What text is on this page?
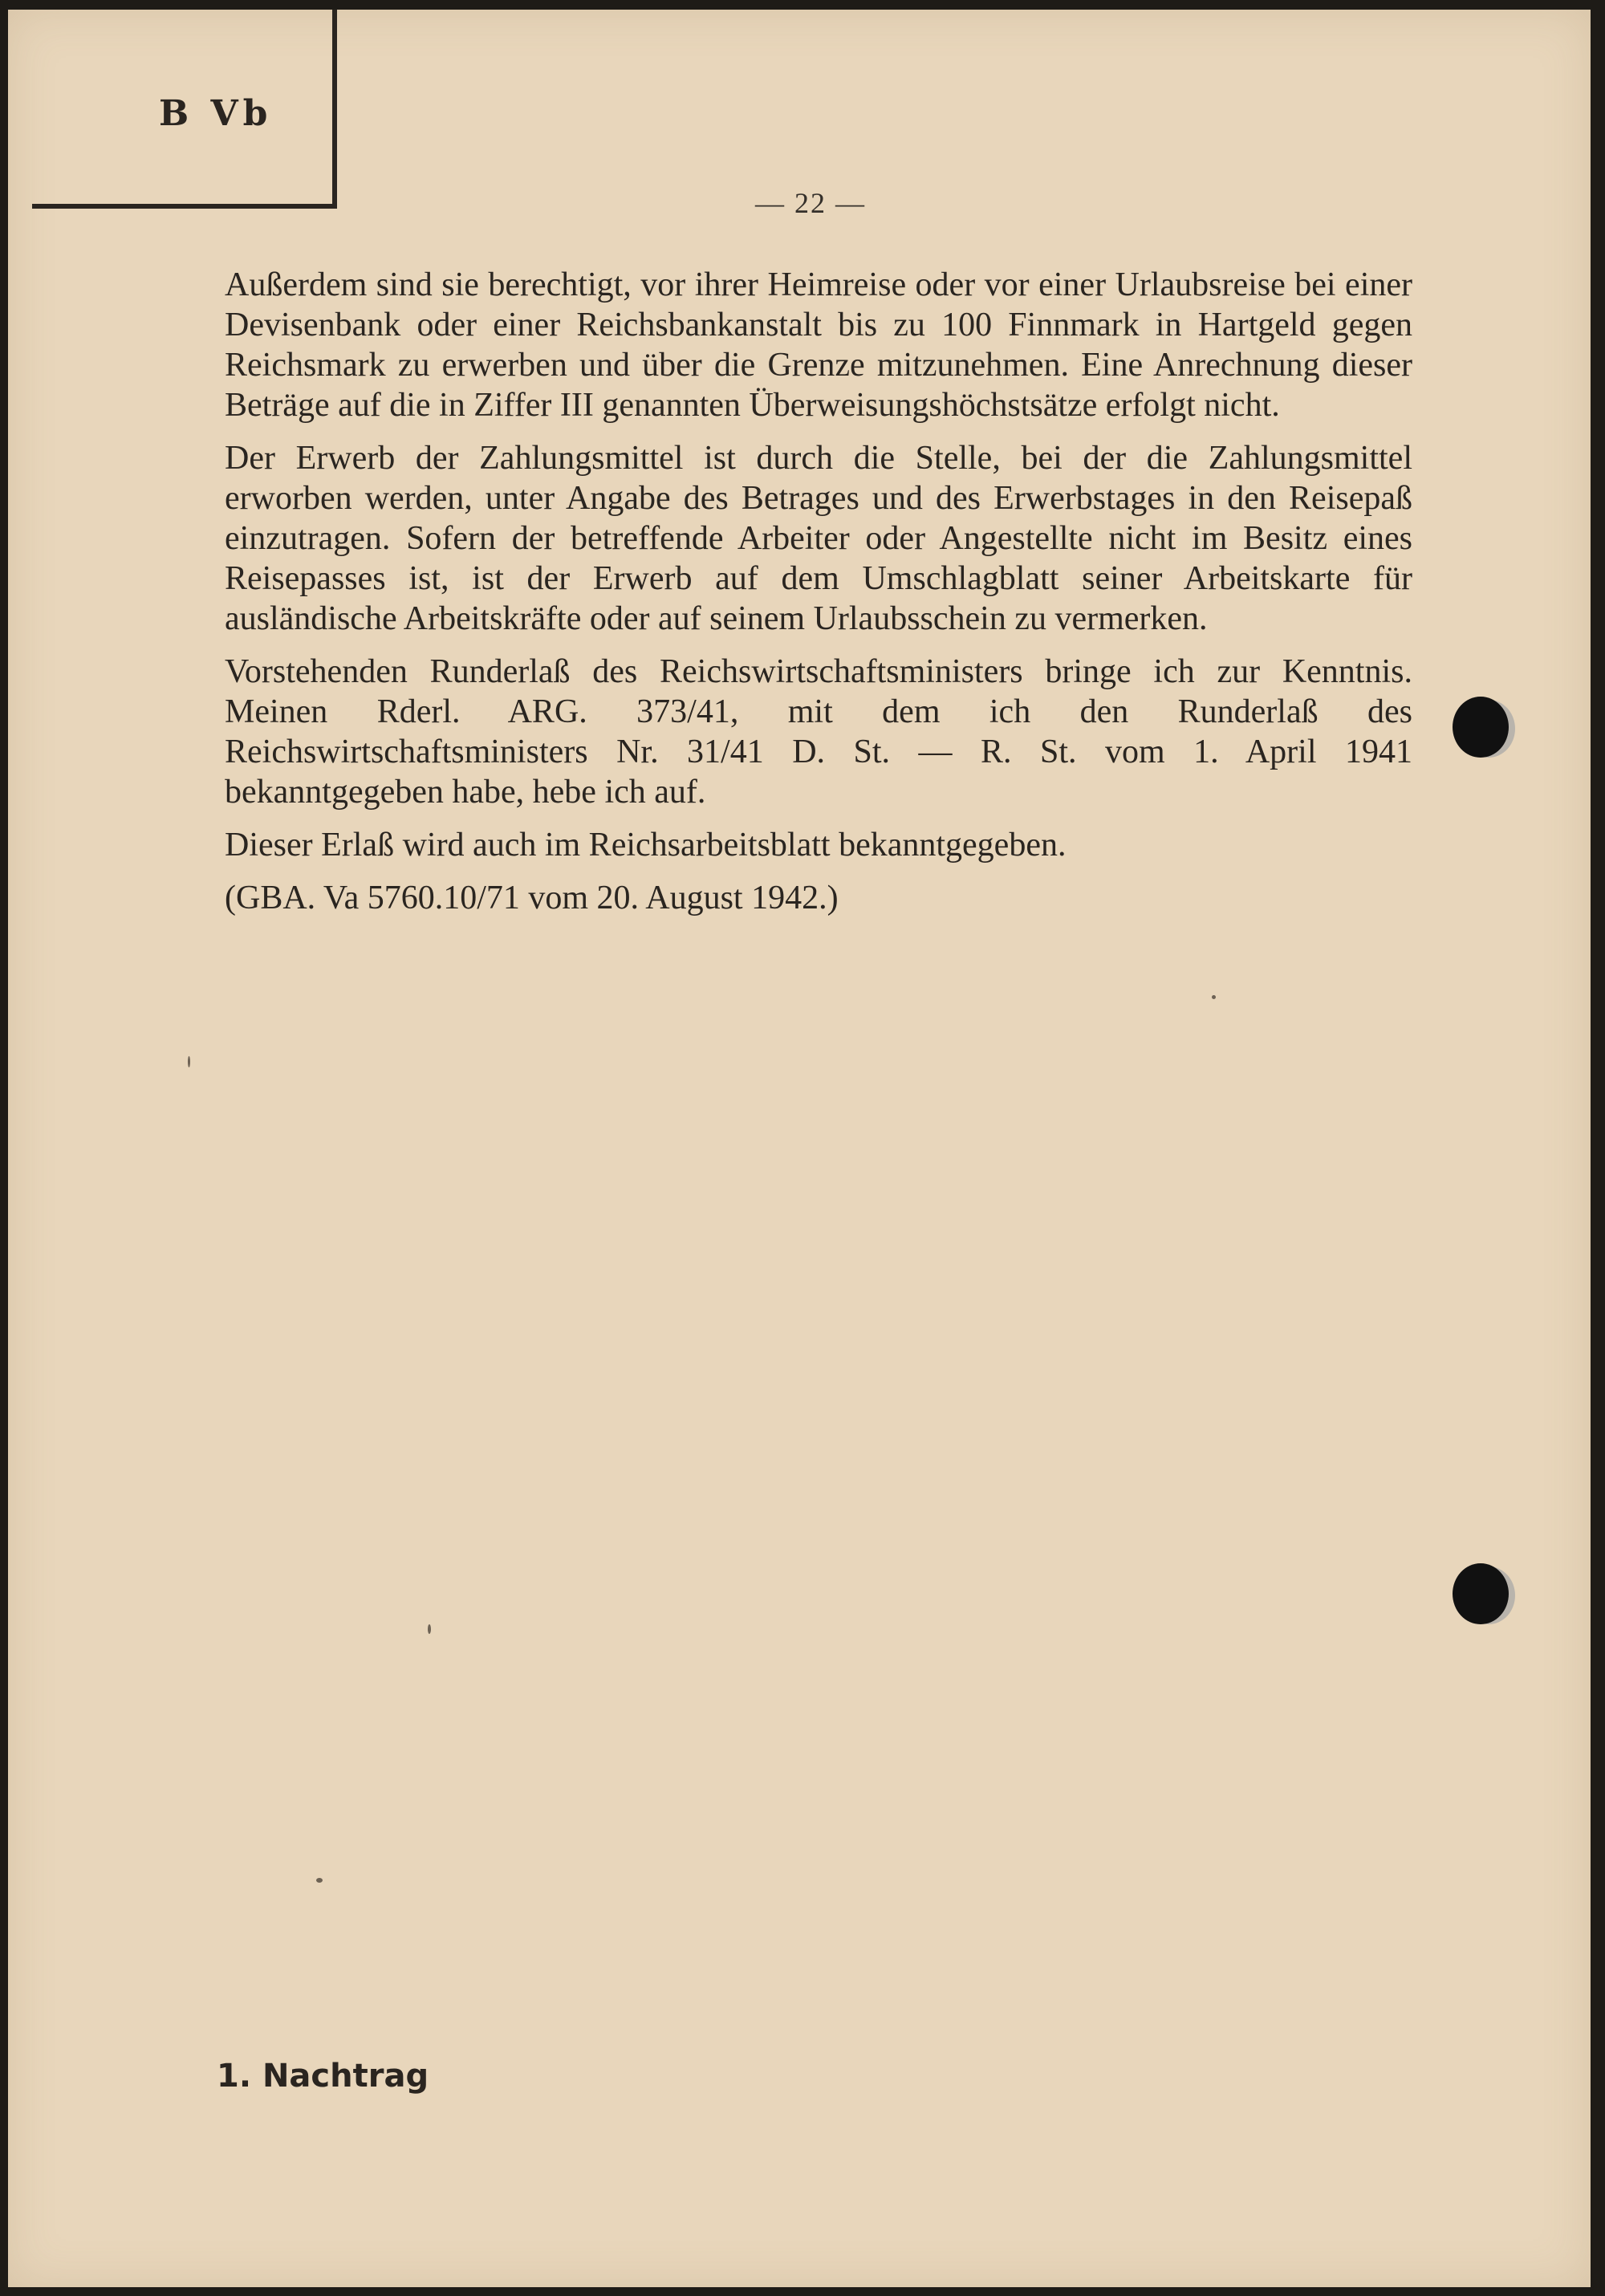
B Vb
— 22 —

Außerdem sind sie berechtigt, vor ihrer Heimreise oder vor einer Urlaubsreise bei einer Devisenbank oder einer Reichsbankanstalt bis zu 100 Finnmark in Hartgeld gegen Reichsmark zu erwerben und über die Grenze mitzunehmen. Eine Anrechnung dieser Beträge auf die in Ziffer III genannten Überweisungshöchstsätze erfolgt nicht.

Der Erwerb der Zahlungsmittel ist durch die Stelle, bei der die Zahlungsmittel erworben werden, unter Angabe des Betrages und des Erwerbstages in den Reisepaß einzutragen. Sofern der betreffende Arbeiter oder Angestellte nicht im Besitz eines Reisepasses ist, ist der Erwerb auf dem Umschlagblatt seiner Arbeitskarte für ausländische Arbeitskräfte oder auf seinem Urlaubsschein zu vermerken.

Vorstehenden Runderlaß des Reichswirtschaftsministers bringe ich zur Kenntnis. Meinen Rderl. ARG. 373/41, mit dem ich den Runderlaß des Reichswirtschaftsministers Nr. 31/41 D. St. — R. St. vom 1. April 1941 bekanntgegeben habe, hebe ich auf.

Dieser Erlaß wird auch im Reichsarbeitsblatt bekanntgegeben.

(GBA. Va 5760.10/71 vom 20. August 1942.)

1. Nachtrag
